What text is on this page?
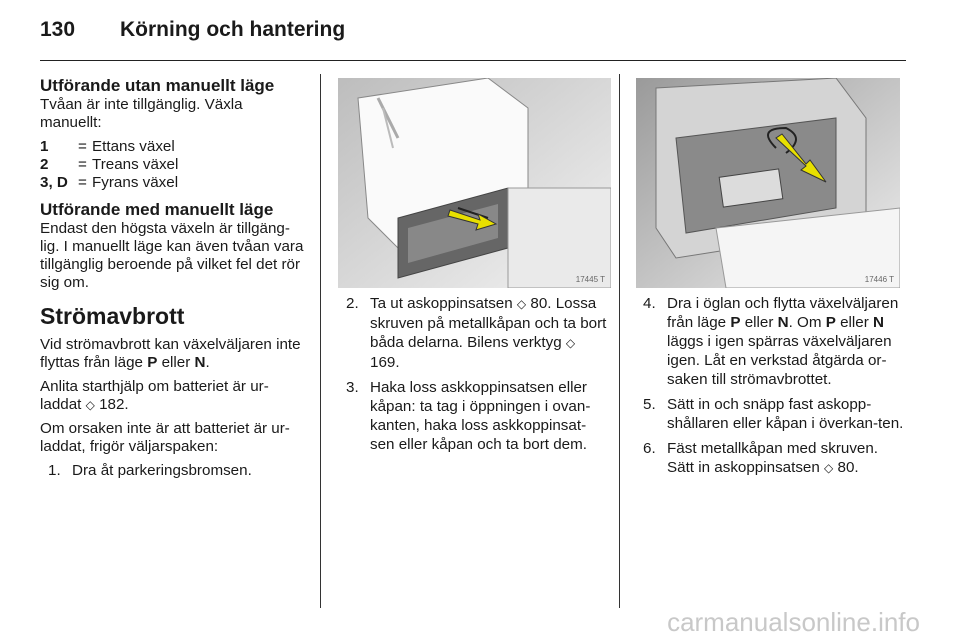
130	Körning och hantering
Utförande utan manuellt läge

Tvåan är inte tillgänglig. Växla manuellt:

1	= Ettans växel
2	= Treans växel
3, D = Fyrans växel
Utförande med manuellt läge

Endast den högsta växeln är tillgäng-lig. I manuellt läge kan även tvåan vara tillgänglig beroende på vilket fel det rör sig om.

Strömavbrott

Vid strömavbrott kan växelväljaren inte flyttas från läge P eller N.

Anlita starthjälp om batteriet är ur-laddat ◇ 182.

Om orsaken inte är att batteriet är ur-laddat, frigör väljarspaken:

1. Dra åt parkeringsbromsen.
17445 T	17446 T
2. Ta ut askoppinsatsen ◇ 80. Lossa skruven på metallkåpan och ta bort båda delarna. Bilens verktyg ◇ 169.
3. Haka loss askkoppinsatsen eller kåpan: ta tag i öppningen i ovan-kanten, haka loss askkoppinsat-sen eller kåpan och ta bort dem.
4. Dra i öglan och flytta växelväljaren från läge P eller N. Om P eller N läggs i igen spärras växelväljaren igen. Låt en verkstad åtgärda or-saken till strömavbrottet.
5. Sätt in och snäpp fast askopp-shållaren eller kåpan i överkan-ten.
6. Fäst metallkåpan med skruven. Sätt in askoppinsatsen ◇ 80.
carmanualsonline.info
